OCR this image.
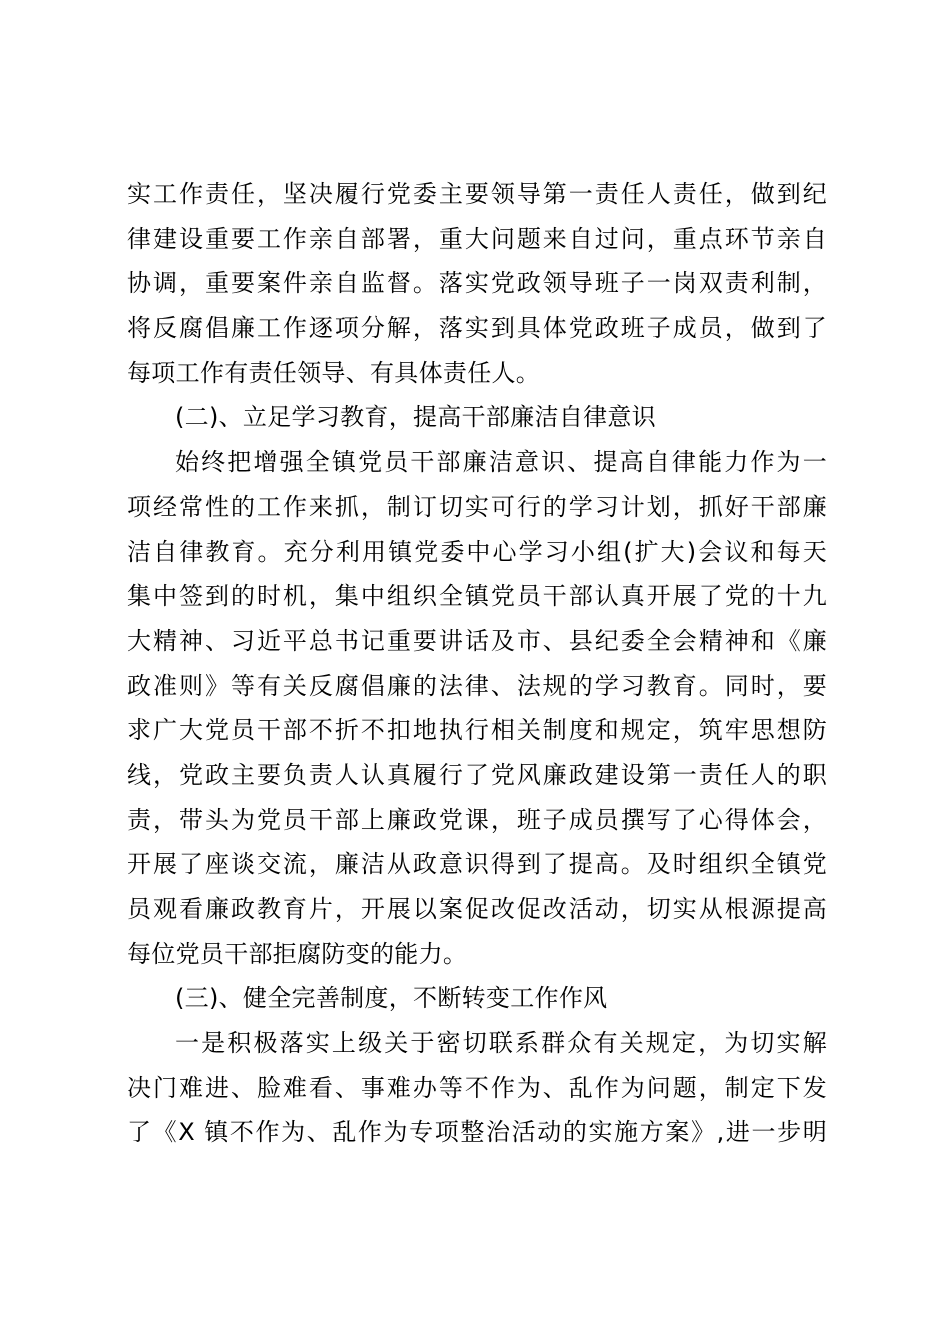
实工作责任，坚决履行党委主要领导第一责任人责任，做到纪
律建设重要工作亲自部署，重大问题来自过问，重点环节亲自
协调，重要案件亲自监督。落实党政领导班子一岗双责利制，
将反腐倡廉工作逐项分解，落实到具体党政班子成员，做到了
每项工作有责任领导、有具体责任人。
(二)、立足学习教育，提高干部廉洁自律意识
始终把增强全镇党员干部廉洁意识、提高自律能力作为一
项经常性的工作来抓，制订切实可行的学习计划，抓好干部廉
洁自律教育。充分利用镇党委中心学习小组(扩大)会议和每天
集中签到的时机，集中组织全镇党员干部认真开展了党的十九
大精神、习近平总书记重要讲话及市、县纪委全会精神和《廉
政准则》等有关反腐倡廉的法律、法规的学习教育。同时，要
求广大党员干部不折不扣地执行相关制度和规定，筑牢思想防
线，党政主要负责人认真履行了党风廉政建设第一责任人的职
责，带头为党员干部上廉政党课，班子成员撰写了心得体会，
开展了座谈交流，廉洁从政意识得到了提高。及时组织全镇党
员观看廉政教育片，开展以案促改促改活动，切实从根源提高
每位党员干部拒腐防变的能力。
(三)、健全完善制度，不断转变工作作风
一是积极落实上级关于密切联系群众有关规定，为切实解
决门难进、脸难看、事难办等不作为、乱作为问题，制定下发
了《X 镇不作为、乱作为专项整治活动的实施方案》,进一步明
